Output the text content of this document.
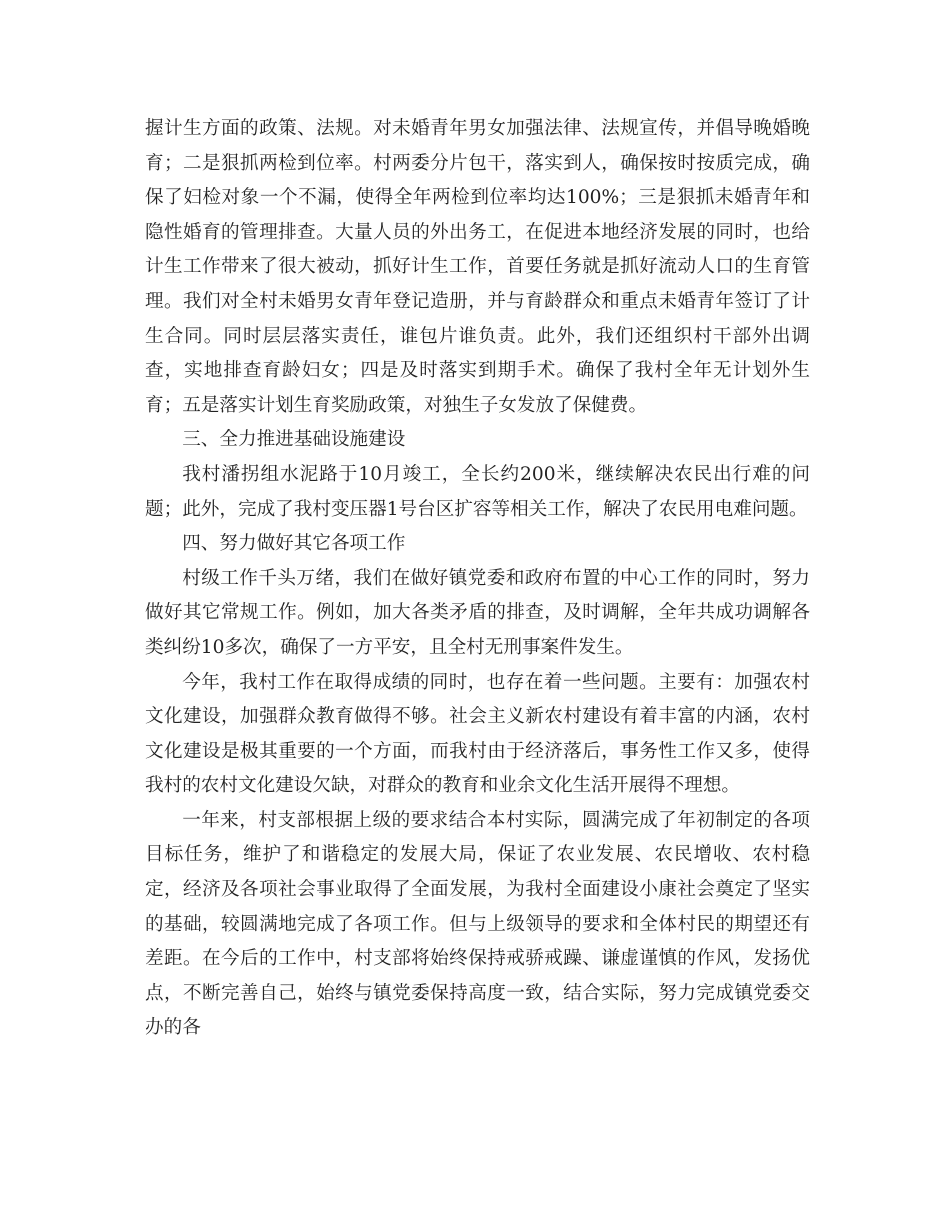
握计生方面的政策、法规。对未婚青年男女加强法律、法规宣传，并倡导晚婚晚育；二是狠抓两检到位率。村两委分片包干，落实到人，确保按时按质完成，确保了妇检对象一个不漏，使得全年两检到位率均达100%；三是狠抓未婚青年和隐性婚育的管理排查。大量人员的外出务工，在促进本地经济发展的同时，也给计生工作带来了很大被动，抓好计生工作，首要任务就是抓好流动人口的生育管理。我们对全村未婚男女青年登记造册，并与育龄群众和重点未婚青年签订了计生合同。同时层层落实责任，谁包片谁负责。此外，我们还组织村干部外出调查，实地排查育龄妇女；四是及时落实到期手术。确保了我村全年无计划外生育；五是落实计划生育奖励政策，对独生子女发放了保健费。

三、全力推进基础设施建设

我村潘拐组水泥路于10月竣工，全长约200米，继续解决农民出行难的问题；此外，完成了我村变压器1号台区扩容等相关工作，解决了农民用电难问题。

四、努力做好其它各项工作

村级工作千头万绪，我们在做好镇党委和政府布置的中心工作的同时，努力做好其它常规工作。例如，加大各类矛盾的排查，及时调解，全年共成功调解各类纠纷10多次，确保了一方平安，且全村无刑事案件发生。

今年，我村工作在取得成绩的同时，也存在着一些问题。主要有：加强农村文化建设，加强群众教育做得不够。社会主义新农村建设有着丰富的内涵，农村文化建设是极其重要的一个方面，而我村由于经济落后，事务性工作又多，使得我村的农村文化建设欠缺，对群众的教育和业余文化生活开展得不理想。

一年来，村支部根据上级的要求结合本村实际，圆满完成了年初制定的各项目标任务，维护了和谐稳定的发展大局，保证了农业发展、农民增收、农村稳定，经济及各项社会事业取得了全面发展，为我村全面建设小康社会奠定了坚实的基础，较圆满地完成了各项工作。但与上级领导的要求和全体村民的期望还有差距。在今后的工作中，村支部将始终保持戒骄戒躁、谦虚谨慎的作风，发扬优点，不断完善自己，始终与镇党委保持高度一致，结合实际，努力完成镇党委交办的各
